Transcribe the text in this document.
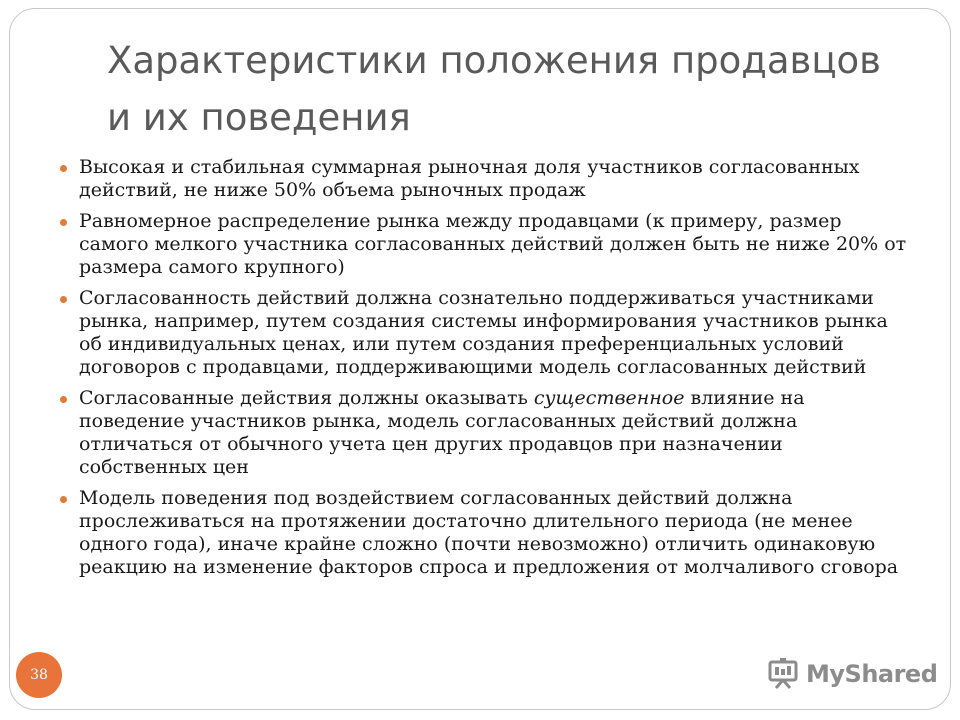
Характеристики положения продавцов
и их поведения
Высокая и стабильная суммарная рыночная доля участников согласованных действий, не ниже 50% объема рыночных продаж
Равномерное распределение рынка между продавцами (к примеру, размер самого мелкого участника согласованных действий должен быть не ниже 20% от размера самого крупного)
Согласованность действий должна сознательно поддерживаться участниками рынка, например, путем создания системы информирования участников рынка об индивидуальных ценах, или путем создания преференциальных условий договоров с продавцами, поддерживающими модель согласованных действий
Согласованные действия должны оказывать существенное влияние на поведение участников рынка, модель согласованных действий должна отличаться от обычного учета цен других продавцов при назначении собственных цен
Модель поведения под воздействием согласованных действий должна прослеживаться на протяжении достаточно длительного периода (не менее одного года), иначе крайне сложно (почти невозможно) отличить одинаковую реакцию на изменение факторов спроса и предложения от молчаливого сговора
38	MyShared
